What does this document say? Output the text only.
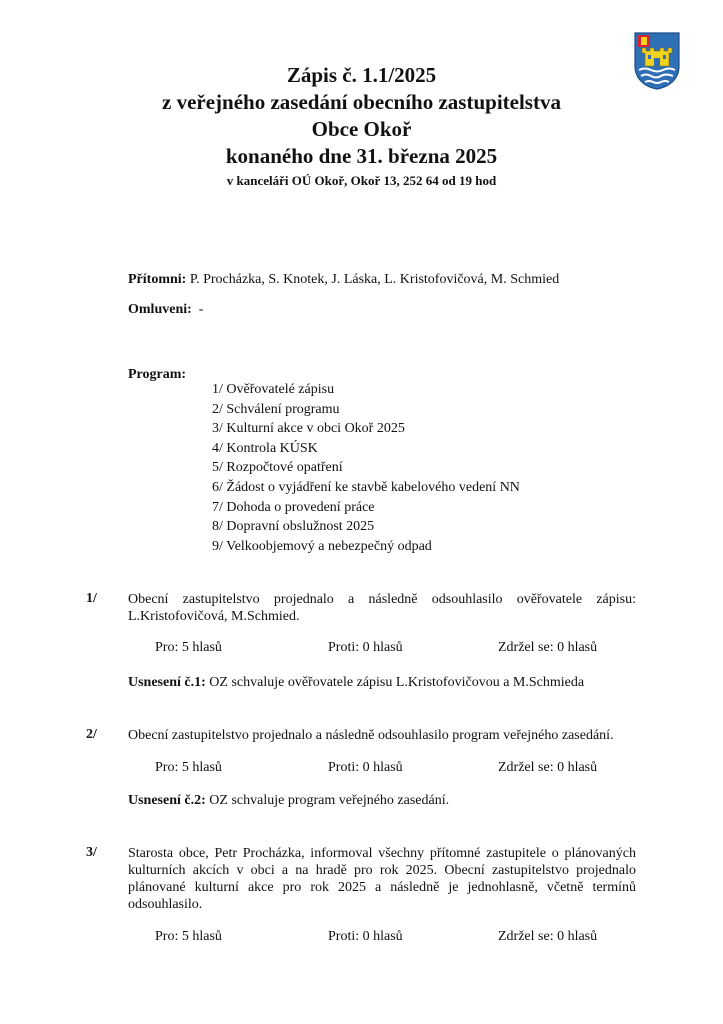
Zápis č. 1.1/2025
z veřejného zasedání obecního zastupitelstva
Obce Okoř
konaného dne 31. března 2025
v kanceláři OÚ Okoř, Okoř 13, 252 64 od 19 hod
Přítomni: P. Procházka, S. Knotek, J. Láska, L. Kristofovičová, M. Schmied
Omluveni: -
Program:
1/ Ověřovatelé zápisu
2/ Schválení programu
3/ Kulturní akce v obci Okoř 2025
4/ Kontrola KÚSK
5/ Rozpočtové opatření
6/ Žádost o vyjádření ke stavbě kabelového vedení NN
7/ Dohoda o provedení práce
8/ Dopravní obslužnost 2025
9/ Velkoobjemový a nebezpečný odpad
1/ Obecní zastupitelstvo projednalo a následně odsouhlasilo ověřovatele zápisu: L.Kristofovičová, M.Schmied.
Pro: 5 hlasů	Proti: 0 hlasů	Zdržel se: 0 hlasů
Usnesení č.1: OZ schvaluje ověřovatele zápisu L.Kristofovičovou a M.Schmieda
2/ Obecní zastupitelstvo projednalo a následně odsouhlasilo program veřejného zasedání.
Pro: 5 hlasů	Proti: 0 hlasů	Zdržel se: 0 hlasů
Usnesení č.2: OZ schvaluje program veřejného zasedání.
3/ Starosta obce, Petr Procházka, informoval všechny přítomné zastupitele o plánovaných kulturních akcích v obci a na hradě pro rok 2025. Obecní zastupitelstvo projednalo plánované kulturní akce pro rok 2025 a následně je jednohlasně, včetně termínů odsouhlasilo.
Pro: 5 hlasů	Proti: 0 hlasů	Zdržel se: 0 hlasů
